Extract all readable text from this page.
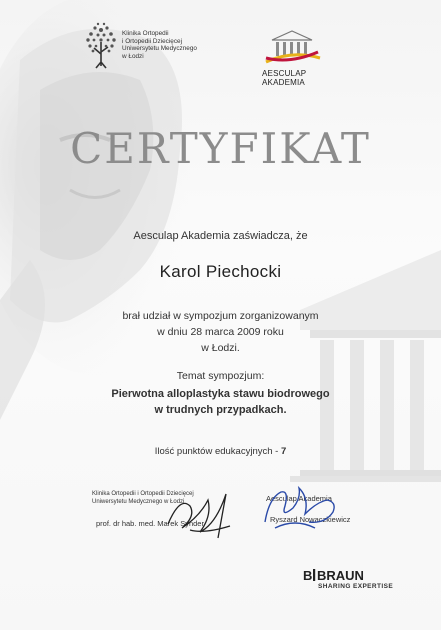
Klinika Ortopedii
i Ortopedii Dziecięcej
Uniwersytetu Medycznego
w Łodzi
AESCULAP
AKADEMIA
CERTYFIKAT
Aesculap Akademia zaświadcza, że
Karol Piechocki
brał udział w sympozjum zorganizowanym
w dniu 28 marca 2009 roku
w Łodzi.
Temat sympozjum:
Pierwotna alloplastyka stawu biodrowego
w trudnych przypadkach.
Ilość punktów edukacyjnych - 7
Klinika Ortopedii i Ortopedii Dziecięcej
Uniwersytetu Medycznego w Łodzi
prof. dr hab. med. Marek Synder
Aesculap Akademia
Ryszard Nowaczkiewicz
B BRAUN
SHARING EXPERTISE
